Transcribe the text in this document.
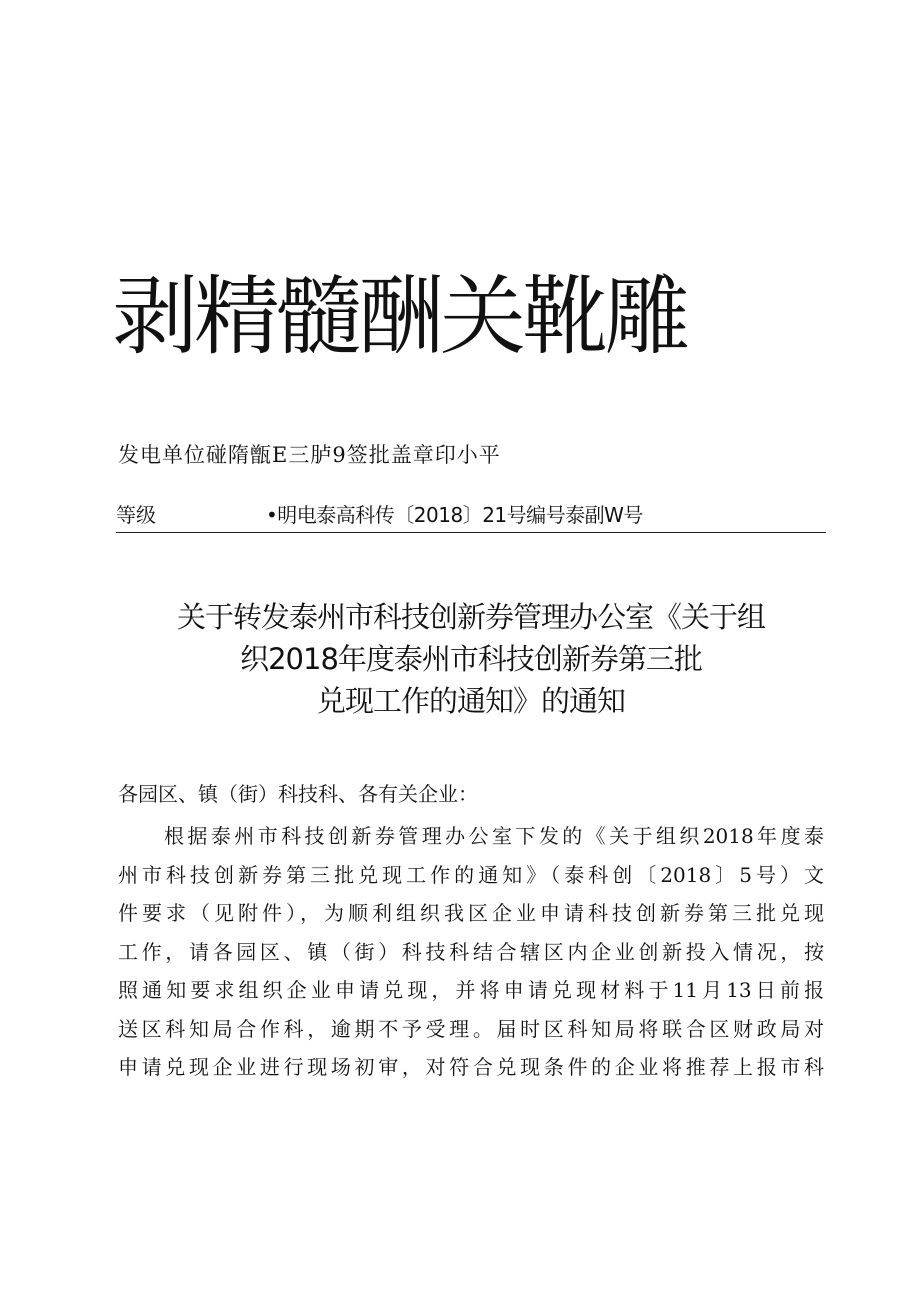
剥精髓酬关靴雕
发电单位碰隋甑E三胪9签批盖章印小平
等级	•明电泰高科传〔2018〕21号编号泰副W号
关于转发泰州市科技创新券管理办公室《关于组
织2018年度泰州市科技创新券第三批
兑现工作的通知》的通知
各园区、镇（街）科技科、各有关企业：
根据泰州市科技创新券管理办公室下发的《关于组织2018年度泰
州市科技创新券第三批兑现工作的通知》（泰科创〔2018〕5号）文
件要求（见附件），为顺利组织我区企业申请科技创新券第三批兑现
工作，请各园区、镇（街）科技科结合辖区内企业创新投入情况，按
照通知要求组织企业申请兑现，并将申请兑现材料于11月13日前报
送区科知局合作科，逾期不予受理。届时区科知局将联合区财政局对
申请兑现企业进行现场初审，对符合兑现条件的企业将推荐上报市科
